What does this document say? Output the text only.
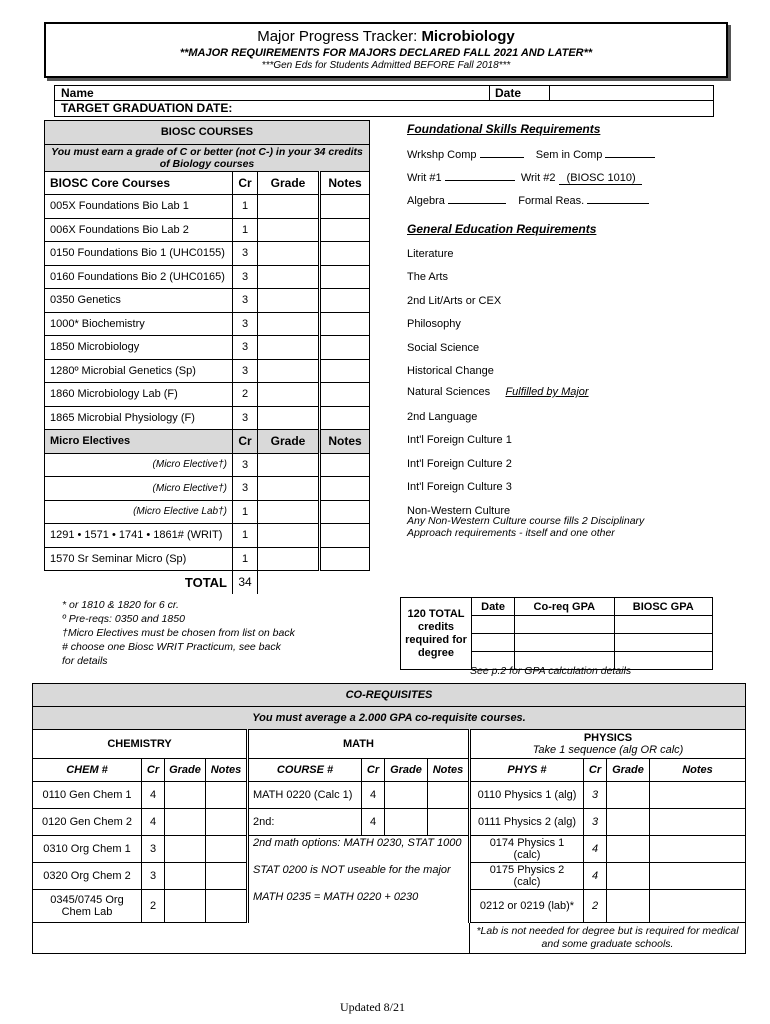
Major Progress Tracker: Microbiology
**MAJOR REQUIREMENTS FOR MAJORS DECLARED FALL 2021 AND LATER**
***Gen Eds for Students Admitted BEFORE Fall 2018***
Name	Date
TARGET GRADUATION DATE:
BIOSC COURSES			
You must earn a grade of C or better (not C-) in your 34 credits of Biology courses			
BIOSC Core Courses	Cr	Grade	Notes
005X Foundations Bio Lab 1	1		
006X Foundations Bio Lab 2	1		
0150 Foundations Bio 1 (UHC0155)	3		
0160 Foundations Bio 2 (UHC0165)	3		
0350 Genetics	3		
1000* Biochemistry	3		
1850 Microbiology	3		
1280º Microbial Genetics (Sp)	3		
1860 Microbiology Lab (F)	2		
1865 Microbial Physiology (F)	3		
Micro Electives	Cr	Grade	Notes
(Micro Elective†)	3		
(Micro Elective†)	3		
(Micro Elective Lab†)	1		
1291 • 1571 • 1741 • 1861# (WRIT)	1		
1570 Sr Seminar Micro (Sp)	1		
TOTAL	34		
* or 1810 & 1820 for 6 cr.
º Pre-reqs: 0350 and 1850
†Micro Electives must be chosen from list on back
# choose one Biosc WRIT Practicum, see back
for details
Foundational Skills Requirements
Wrkshp Comp	Sem in Comp
Writ #1	Writ #2 (BIOSC 1010)
Algebra	Formal Reas.
General Education Requirements
Literature
The Arts
2nd Lit/Arts or CEX
Philosophy
Social Science
Historical Change
Natural Sciences Fulfilled by Major
2nd Language
Int'l Foreign Culture 1
Int'l Foreign Culture 2
Int'l Foreign Culture 3
Non-Western Culture
Any Non-Western Culture course fills 2 Disciplinary Approach requirements - itself and one other
120 TOTAL credits required for degree	Date	Co-req GPA	BIOSC GPA

See p.2 for GPA calculation details
CO-REQUISITES											
You must average a 2.000 GPA co-requisite courses.											
CHEMISTRY				MATH				PHYSICS
Take 1 sequence (alg OR calc)			
CHEM #	Cr	Grade	Notes	COURSE #	Cr	Grade	Notes	PHYS #	Cr	Grade	Notes
0110 Gen Chem 1	4			MATH 0220 (Calc 1)	4			0110 Physics 1 (alg)	3		
0120 Gen Chem 2	4			2nd:	4			0111 Physics 2 (alg)	3		
0310 Org Chem 1	3			2nd math options: MATH 0230, STAT 1000				0174 Physics 1 (calc)	4		
0320 Org Chem 2	3			STAT 0200 is NOT useable for the major				0175 Physics 2 (calc)	4		
0345/0745 Org Chem Lab	2			MATH 0235 = MATH 0220 + 0230				0212 or 0219 (lab)*	2		
								*Lab is not needed for degree but is required for medical and some graduate schools.			
Updated 8/21
